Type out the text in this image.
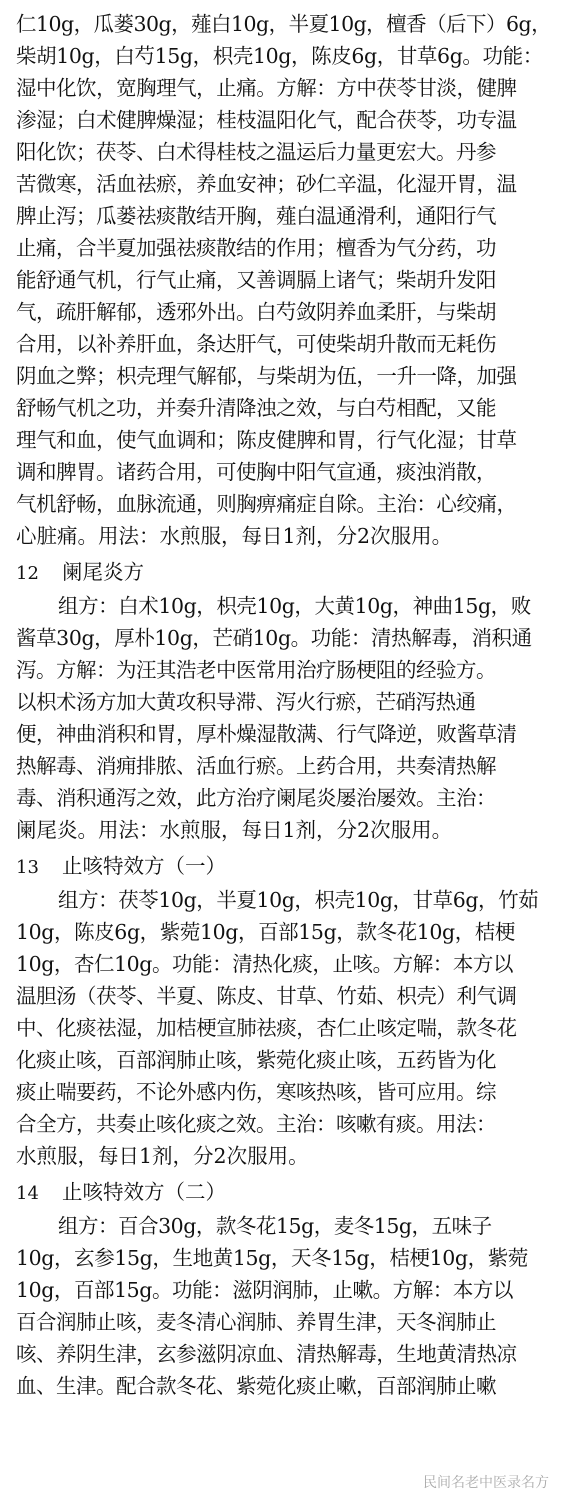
仁10g，瓜蒌30g，薤白10g，半夏10g，檀香（后下）6g，
柴胡10g，白芍15g，枳壳10g，陈皮6g，甘草6g。功能：
湿中化饮，宽胸理气，止痛。方解：方中茯苓甘淡，健脾
渗湿；白术健脾燥湿；桂枝温阳化气，配合茯苓，功专温
阳化饮；茯苓、白术得桂枝之温运后力量更宏大。丹参
苦微寒，活血祛瘀，养血安神；砂仁辛温，化湿开胃，温
脾止泻；瓜蒌祛痰散结开胸，薤白温通滑利，通阳行气
止痛，合半夏加强祛痰散结的作用；檀香为气分药，功
能舒通气机，行气止痛，又善调膈上诸气；柴胡升发阳
气，疏肝解郁，透邪外出。白芍敛阴养血柔肝，与柴胡
合用，以补养肝血，条达肝气，可使柴胡升散而无耗伤
阴血之弊；枳壳理气解郁，与柴胡为伍，一升一降，加强
舒畅气机之功，并奏升清降浊之效，与白芍相配，又能
理气和血，使气血调和；陈皮健脾和胃，行气化湿；甘草
调和脾胃。诸药合用，可使胸中阳气宣通，痰浊消散，
气机舒畅，血脉流通，则胸痹痛症自除。主治：心绞痛，
心脏痛。用法：水煎服，每日1剂，分2次服用。
12 阑尾炎方
组方：白术10g，枳壳10g，大黄10g，神曲15g，败
酱草30g，厚朴10g，芒硝10g。功能：清热解毒，消积通
泻。方解：为汪其浩老中医常用治疗肠梗阻的经验方。
以枳术汤方加大黄攻积导滞、泻火行瘀，芒硝泻热通
便，神曲消积和胃，厚朴燥湿散满、行气降逆，败酱草清
热解毒、消痈排脓、活血行瘀。上药合用，共奏清热解
毒、消积通泻之效，此方治疗阑尾炎屡治屡效。主治：
阑尾炎。用法：水煎服，每日1剂，分2次服用。
13 止咳特效方（一）
组方：茯苓10g，半夏10g，枳壳10g，甘草6g，竹茹
10g，陈皮6g，紫菀10g，百部15g，款冬花10g，桔梗
10g，杏仁10g。功能：清热化痰，止咳。方解：本方以
温胆汤（茯苓、半夏、陈皮、甘草、竹茹、枳壳）利气调
中、化痰祛湿，加桔梗宣肺祛痰，杏仁止咳定喘，款冬花
化痰止咳，百部润肺止咳，紫菀化痰止咳，五药皆为化
痰止喘要药，不论外感内伤，寒咳热咳，皆可应用。综
合全方，共奏止咳化痰之效。主治：咳嗽有痰。用法：
水煎服，每日1剂，分2次服用。
14 止咳特效方（二）
组方：百合30g，款冬花15g，麦冬15g，五味子
10g，玄参15g，生地黄15g，天冬15g，桔梗10g，紫菀
10g，百部15g。功能：滋阴润肺，止嗽。方解：本方以
百合润肺止咳，麦冬清心润肺、养胃生津，天冬润肺止
咳、养阴生津，玄参滋阴凉血、清热解毒，生地黄清热凉
血、生津。配合款冬花、紫菀化痰止嗽，百部润肺止嗽
民间名老中医录名方
